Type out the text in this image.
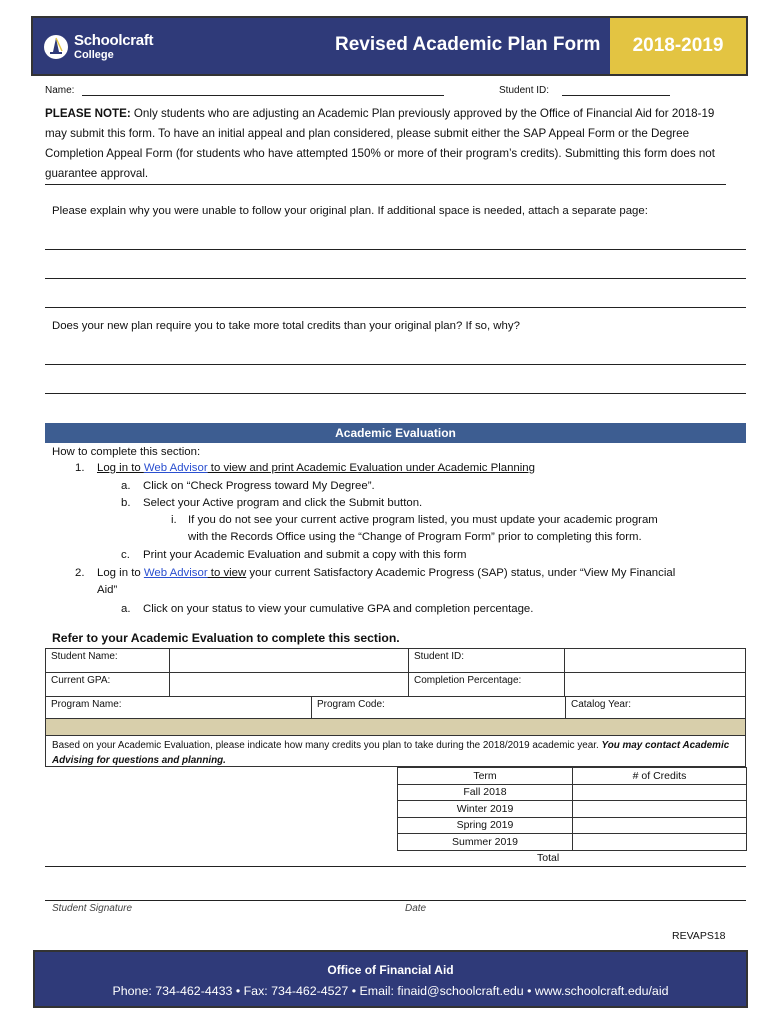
Schoolcraft
College	Revised Academic Plan Form	2018-2019
Name:	Student ID:
PLEASE NOTE: Only students who are adjusting an Academic Plan previously approved by the Office of Financial Aid for 2018-19 may submit this form. To have an initial appeal and plan considered, please submit either the SAP Appeal Form or the Degree Completion Appeal Form (for students who have attempted 150% or more of their program’s credits). Submitting this form does not guarantee approval.
Please explain why you were unable to follow your original plan. If additional space is needed, attach a separate page:
Does your new plan require you to take more total credits than your original plan? If so, why?
Academic Evaluation
How to complete this section:
1. Log in to Web Advisor to view and print Academic Evaluation under Academic Planning
a. Click on “Check Progress toward My Degree”.
b. Select your Active program and click the Submit button.
i. If you do not see your current active program listed, you must update your academic program
with the Records Office using the “Change of Program Form” prior to completing this form.
c. Print your Academic Evaluation and submit a copy with this form
2. Log in to Web Advisor to view your current Satisfactory Academic Progress (SAP) status, under “View My Financial
Aid”
a. Click on your status to view your cumulative GPA and completion percentage.
Refer to your Academic Evaluation to complete this section.
Student Name:		Student ID:	
Current GPA:		Completion Percentage:	
Program Name:	Program Code:	Catalog Year:
Based on your Academic Evaluation, please indicate how many credits you plan to take during the 2018/2019 academic year. You may contact Academic Advising for questions and planning.
Term	# of Credits
Fall 2018	
Winter 2019	
Spring 2019	
Summer 2019	
Total
Student Signature	Date
REVAPS18
Office of Financial Aid
Phone: 734-462-4433 • Fax: 734-462-4527 • Email: finaid@schoolcraft.edu • www.schoolcraft.edu/aid
